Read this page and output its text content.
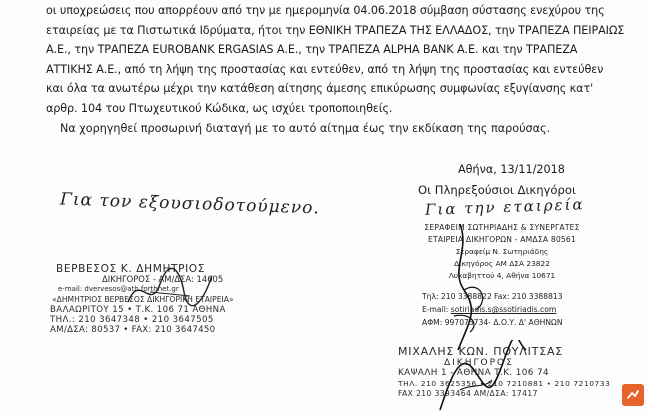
οι υποχρεώσεις που απορρέουν από την με ημερομηνία 04.06.2018 σύμβαση σύστασης ενεχύρου της
εταιρείας με τα Πιστωτικά Ιδρύματα, ήτοι την ΕΘΝΙΚΗ ΤΡΑΠΕΖΑ ΤΗΣ ΕΛΛΑΔΟΣ, την ΤΡΑΠΕΖΑ ΠΕΙΡΑΙΩΣ
Α.Ε., την ΤΡΑΠΕΖΑ EUROBANK ERGASIAS Α.Ε., την ΤΡΑΠΕΖΑ ALPHA BANK Α.Ε. και την ΤΡΑΠΕΖΑ
ΑΤΤΙΚΗΣ Α.Ε., από τη λήψη της προστασίας και εντεύθεν, από τη λήψη της προστασίας και εντεύθεν
και όλα τα ανωτέρω μέχρι την κατάθεση αίτησης άμεσης επικύρωσης συμφωνίας εξυγίανσης κατ'
αρθρ. 104 του Πτωχευτικού Κώδικα, ως ισχύει τροποποιηθείς.
Να χορηγηθεί προσωρινή διαταγή με το αυτό αίτημα έως την εκδίκαση της παρούσας.
Αθήνα, 13/11/2018
Οι Πληρεξούσιοι Δικηγόροι
Για τον εξουσιοδοτούμενο.	Για την εταιρεία
ΒΕΡΒΕΣΟΣ Κ. ΔΗΜΗΤΡΙΟΣ
ΔΙΚΗΓΟΡΟΣ - ΑΜ/ΔΣΑ: 14605
e-mail: dvervesos@ath.forthnet.gr
«ΔΗΜΗΤΡΙΟΣ ΒΕΡΒΕΣΟΣ ΔΙΚΗΓΟΡΙΚΗ ΕΤΑΙΡΕΙΑ»
ΒΑΛΑΩΡΙΤΟΥ 15 • Τ.Κ. 106 71 ΑΘΗΝΑ
ΤΗΛ.: 210 3647348 • 210 3647505
ΑΜ/ΔΣΑ: 80537 • FAX: 210 3647450
ΣΕΡΑΦΕΙΜ ΣΩΤΗΡΙΑΔΗΣ & ΣΥΝΕΡΓΑΤΕΣ
ΕΤΑΙΡΕΙΑ ΔΙΚΗΓΟΡΩΝ - ΑΜΔΣΑ 80561
Σεραφείμ Ν. Σωτηριάδης
Δικηγόρος ΑΜ ΔΣΑ 23822
Λυκαβηττού 4, Αθήνα 10671
Τηλ: 210 3388822 Fax: 210 3388813
E-mail: sotiriadis.s@ssotiriadis.com
ΑΦΜ: 997073734- Δ.Ο.Υ. Δ' ΑΘΗΝΩΝ
ΜΙΧΑΛΗΣ ΚΩΝ. ΠΟΥΛΙΤΣΑΣ
ΔΙΚΗΓΟΡΟΣ
ΚΑΨΑΛΗ 1 - ΑΘΗΝΑ Τ.Κ. 106 74
ΤΗΛ. 210 3625356 • 210 7210881 • 210 7210733
FAX 210 3393464 ΑΜ/ΔΣΑ: 17417
